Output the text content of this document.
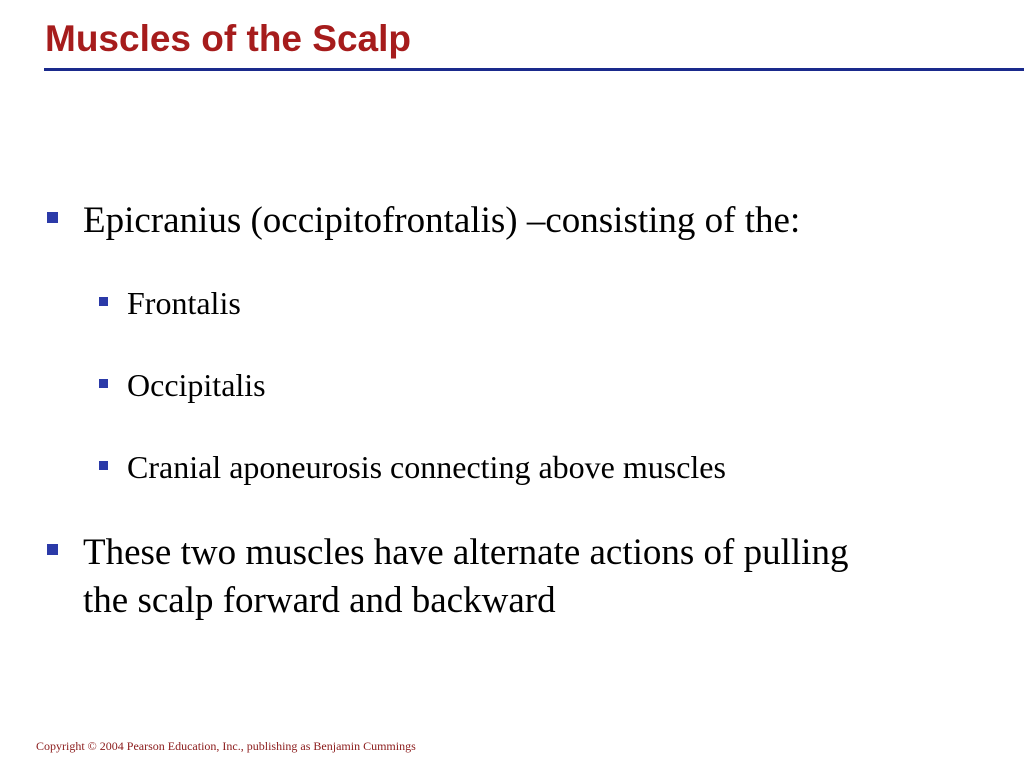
Muscles of the Scalp
Epicranius (occipitofrontalis) –consisting of the:
Frontalis
Occipitalis
Cranial aponeurosis connecting above muscles
These two muscles have alternate actions of pulling
the scalp forward and backward
Copyright © 2004 Pearson Education, Inc., publishing as Benjamin Cummings
